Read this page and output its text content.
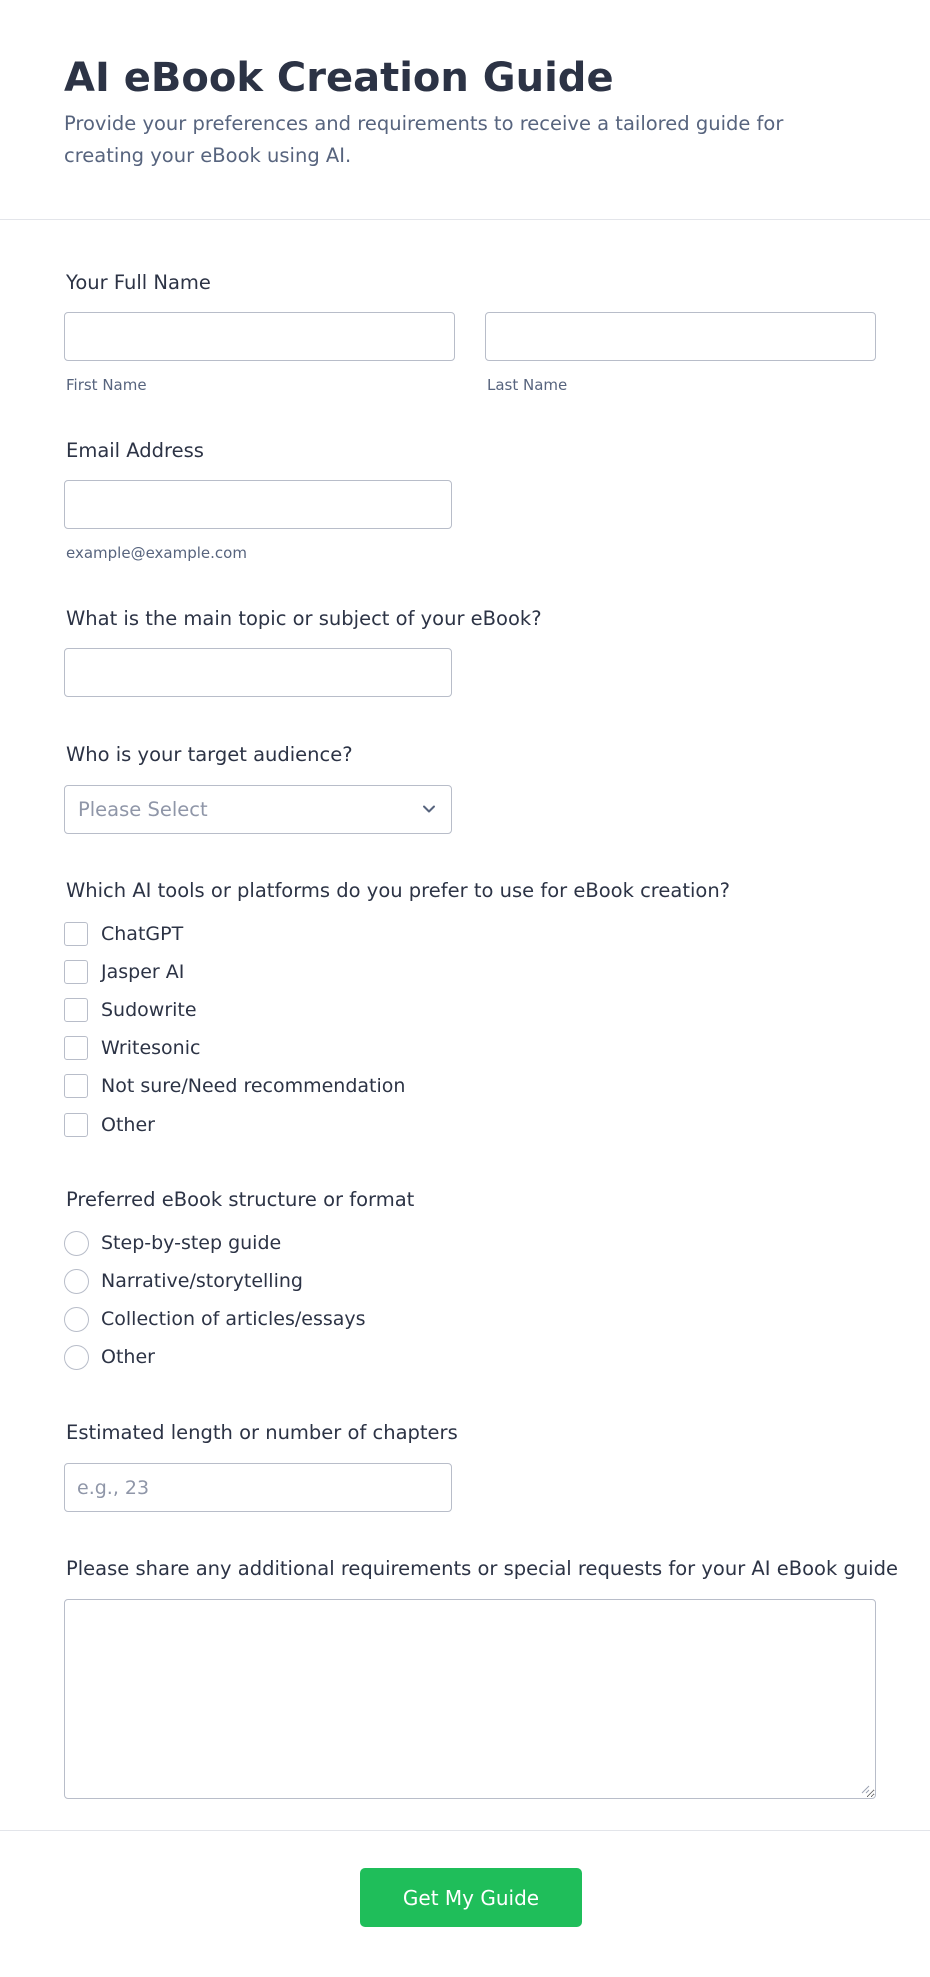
AI eBook Creation Guide

Provide your preferences and requirements to receive a tailored guide for creating your eBook using AI.

Your Full Name
First Name	Last Name
Email Address
example@example.com
What is the main topic or subject of your eBook?
Who is your target audience?
Please Select
Which AI tools or platforms do you prefer to use for eBook creation?
ChatGPT
Jasper AI
Sudowrite
Writesonic
Not sure/Need recommendation
Other
Preferred eBook structure or format
Step-by-step guide
Narrative/storytelling
Collection of articles/essays
Other
Estimated length or number of chapters
e.g., 23
Please share any additional requirements or special requests for your AI eBook guide
Get My Guide
